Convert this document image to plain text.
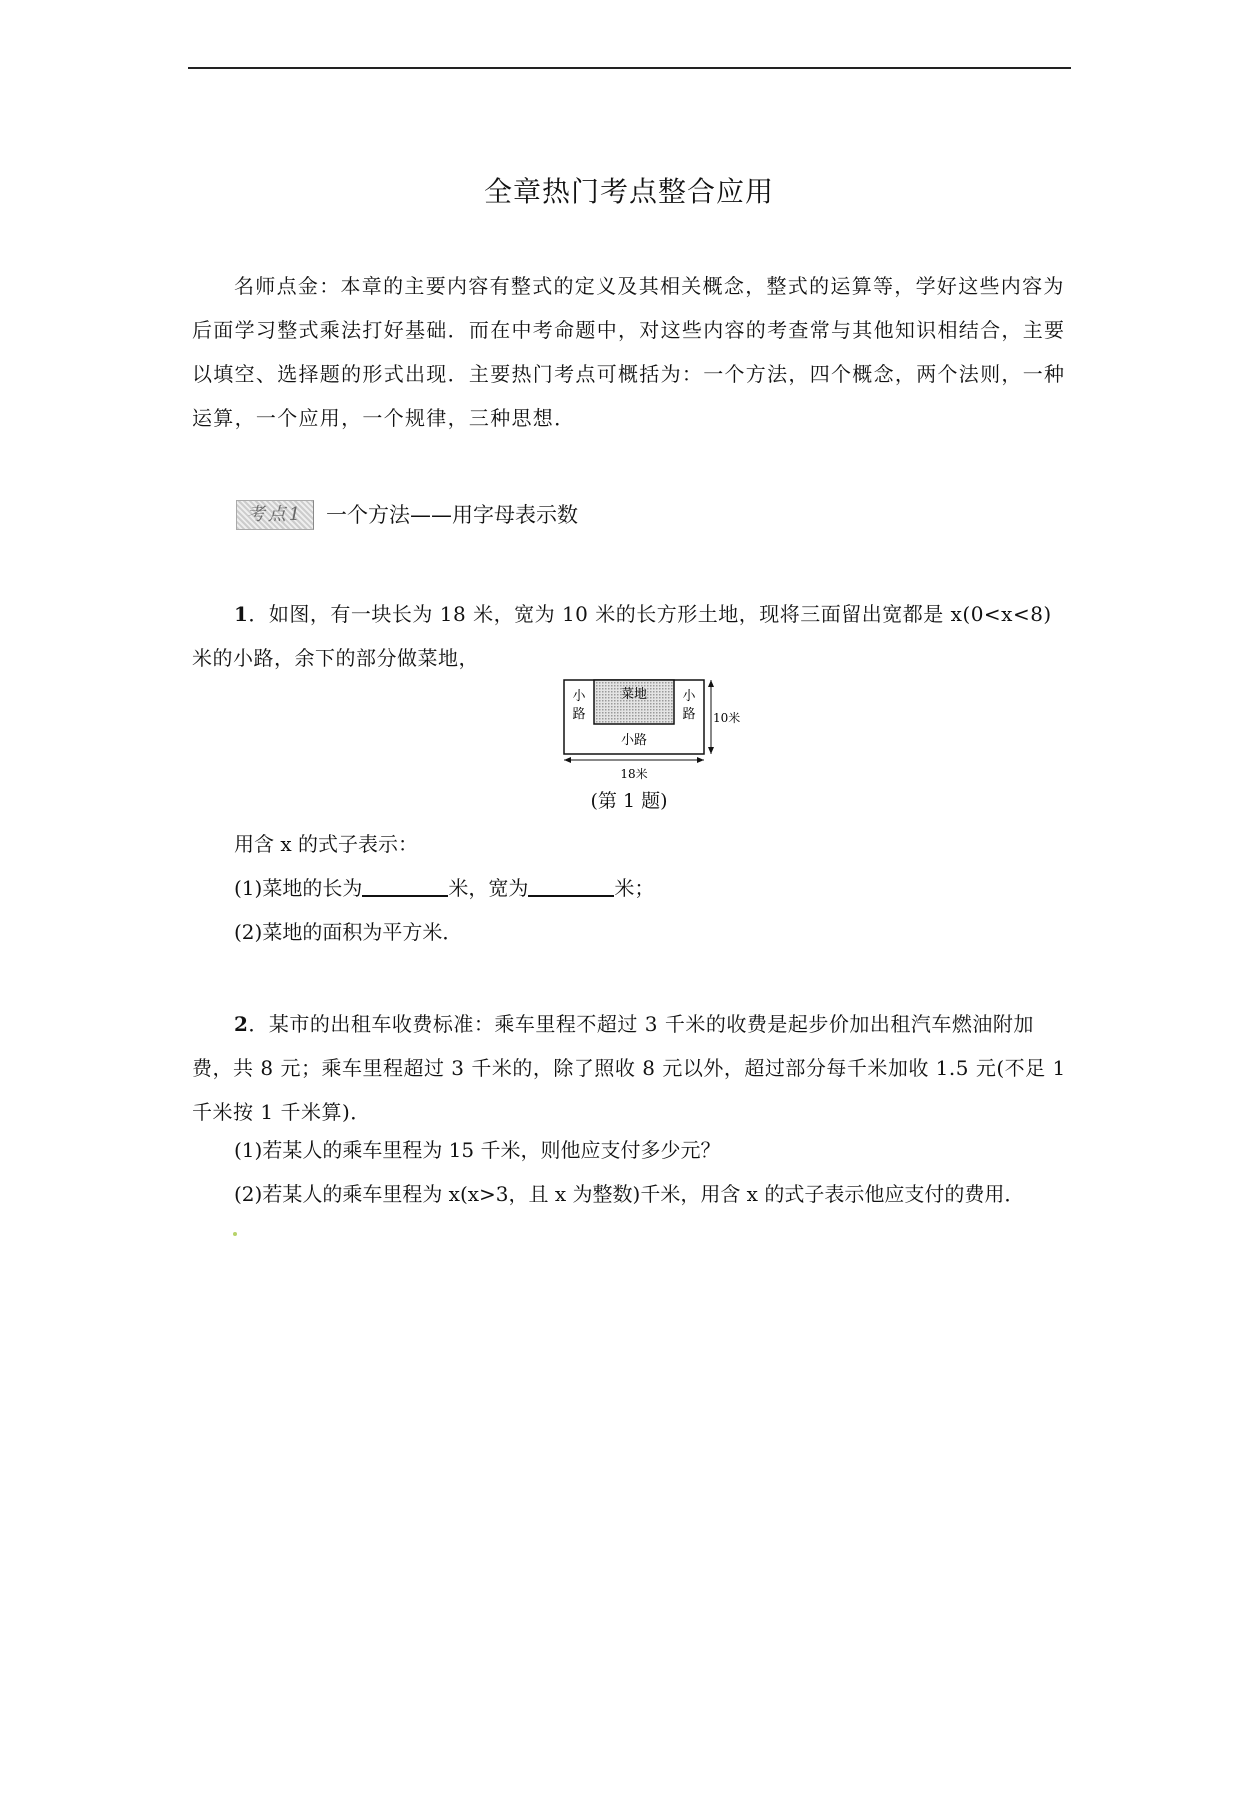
全章热门考点整合应用
名师点金：本章的主要内容有整式的定义及其相关概念，整式的运算等，学好这些内容为后面学习整式乘法打好基础．而在中考命题中，对这些内容的考查常与其他知识相结合，主要以填空、选择题的形式出现．主要热门考点可概括为：一个方法，四个概念，两个法则，一种运算，一个应用，一个规律，三种思想．
考点1	一个方法——用字母表示数
1．如图，有一块长为 18 米，宽为 10 米的长方形土地，现将三面留出宽都是 x(0<x<8)米的小路，余下的部分做菜地，
小
路
小
路
菜地
小路
10米
18米
(第 1 题)
用含 x 的式子表示：
(1)菜地的长为	米，宽为	米；
(2)菜地的面积为平方米．
2．某市的出租车收费标准：乘车里程不超过 3 千米的收费是起步价加出租汽车燃油附加费，共 8 元；乘车里程超过 3 千米的，除了照收 8 元以外，超过部分每千米加收 1.5 元(不足 1 千米按 1 千米算)．
(1)若某人的乘车里程为 15 千米，则他应支付多少元？
(2)若某人的乘车里程为 x(x>3，且 x 为整数)千米，用含 x 的式子表示他应支付的费用．
